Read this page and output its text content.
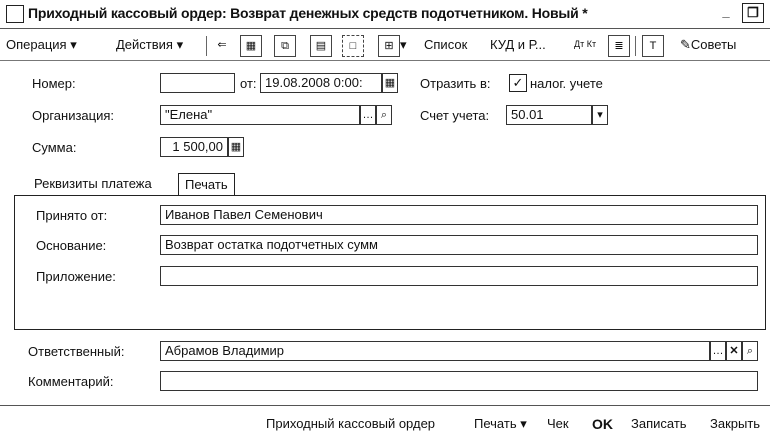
Приходный кассовый ордер: Возврат денежных средств подотчетником. Новый *	_	❐
Операция ▾	Действия ▾	⇐	▦	⧉	▤	□	⊞ ▾ Список КУД и Р...	Дт Кт	≣	T	✎Советы
Номер:	от: 19.08.2008 0:00:	▦ Отразить в: ✓ налог. учете
Организация:	"Елена"	… ⌕	Счет учета:	50.01	▾
Сумма:	1 500,00 ▦
Реквизиты платежа	Печать
Принято от:	Иванов Павел Семенович
Основание:	Возврат остатка подотчетных сумм
Приложение:
Ответственный:	Абрамов Владимир	… ✕ ⌕
Комментарий:
Приходный кассовый ордер	Печать ▾ Чек OK Записать Закрыть
